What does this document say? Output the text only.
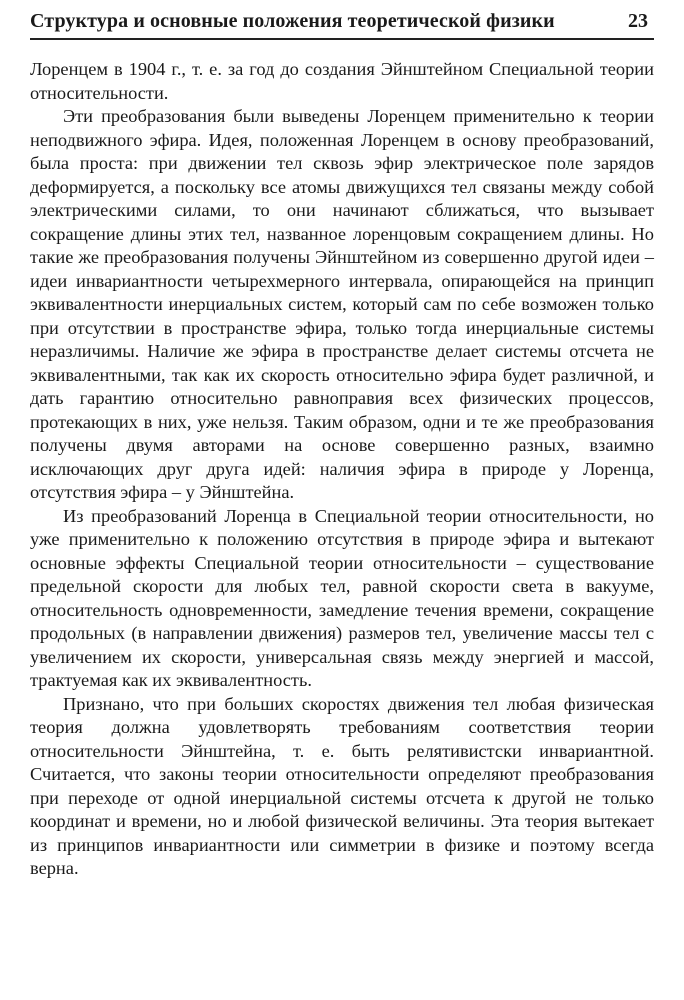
Структура и основные положения теоретической физики	23

Лоренцем в 1904 г., т. е. за год до создания Эйнштейном Специальной теории относительности.

Эти преобразования были выведены Лоренцем применительно к теории неподвижного эфира. Идея, положенная Лоренцем в основу преобразований, была проста: при движении тел сквозь эфир электрическое поле зарядов деформируется, а поскольку все атомы движущихся тел связаны между собой электрическими силами, то они начинают сближаться, что вызывает сокращение длины этих тел, названное лоренцовым сокращением длины. Но такие же преобразования получены Эйнштейном из совершенно другой идеи – идеи инвариантности четырехмерного интервала, опирающейся на принцип эквивалентности инерциальных систем, который сам по себе возможен только при отсутствии в пространстве эфира, только тогда инерциальные системы неразличимы. Наличие же эфира в пространстве делает системы отсчета не эквивалентными, так как их скорость относительно эфира будет различной, и дать гарантию относительно равноправия всех физических процессов, протекающих в них, уже нельзя. Таким образом, одни и те же преобразования получены двумя авторами на основе совершенно разных, взаимно исключающих друг друга идей: наличия эфира в природе у Лоренца, отсутствия эфира – у Эйнштейна.

Из преобразований Лоренца в Специальной теории относительности, но уже применительно к положению отсутствия в природе эфира и вытекают основные эффекты Специальной теории относительности – существование предельной скорости для любых тел, равной скорости света в вакууме, относительность одновременности, замедление течения времени, сокращение продольных (в направлении движения) размеров тел, увеличение массы тел с увеличением их скорости, универсальная связь между энергией и массой, трактуемая как их эквивалентность.

Признано, что при больших скоростях движения тел любая физическая теория должна удовлетворять требованиям соответствия теории относительности Эйнштейна, т. е. быть релятивистски инвариантной. Считается, что законы теории относительности определяют преобразования при переходе от одной инерциальной системы отсчета к другой не только координат и времени, но и любой физической величины. Эта теория вытекает из принципов инвариантности или симметрии в физике и поэтому всегда верна.
